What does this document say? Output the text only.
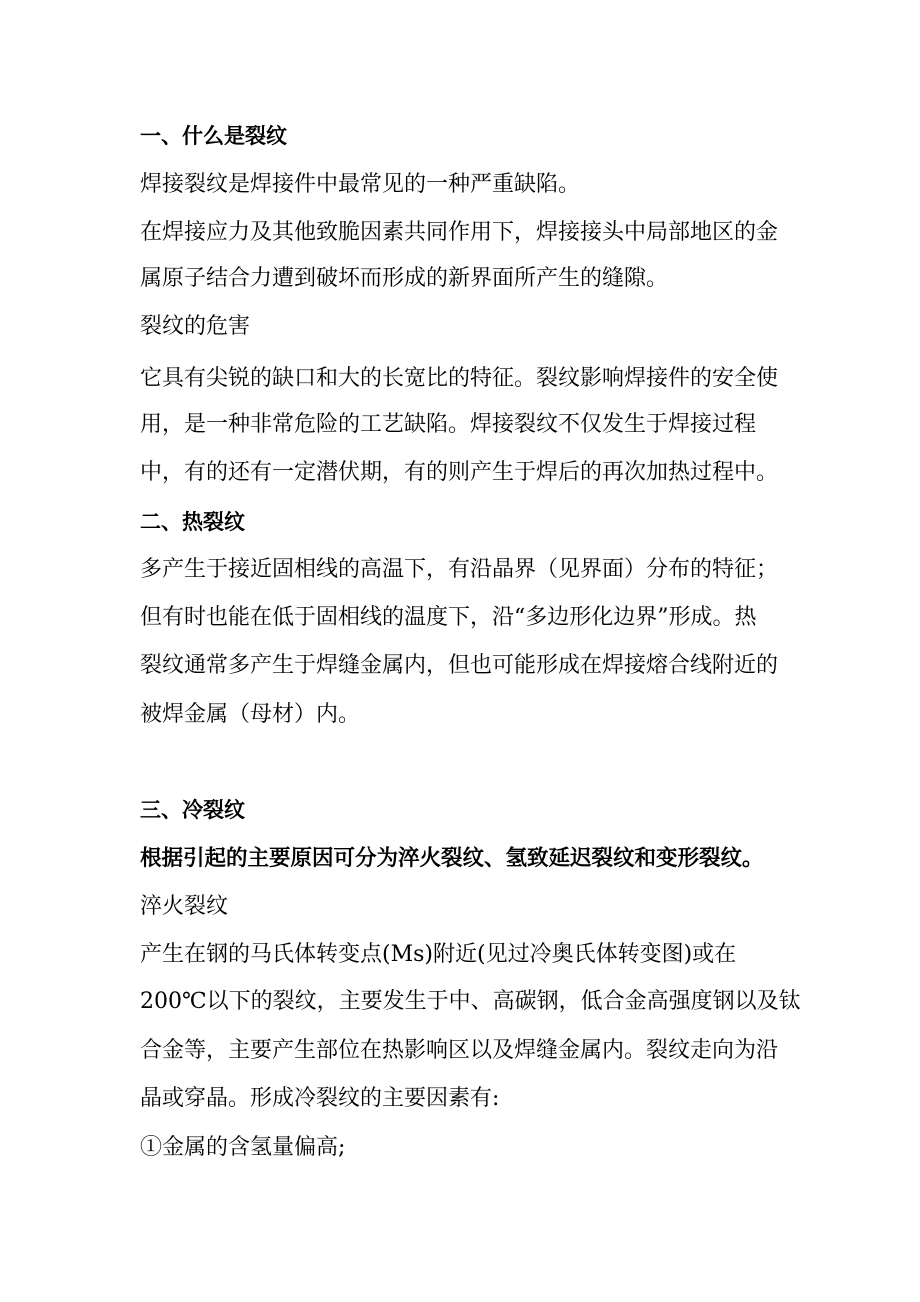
一、什么是裂纹
焊接裂纹是焊接件中最常见的一种严重缺陷。
在焊接应力及其他致脆因素共同作用下，焊接接头中局部地区的金
属原子结合力遭到破坏而形成的新界面所产生的缝隙。
裂纹的危害
它具有尖锐的缺口和大的长宽比的特征。裂纹影响焊接件的安全使
用，是一种非常危险的工艺缺陷。焊接裂纹不仅发生于焊接过程
中，有的还有一定潜伏期，有的则产生于焊后的再次加热过程中。
二、热裂纹
多产生于接近固相线的高温下，有沿晶界（见界面）分布的特征；
但有时也能在低于固相线的温度下，沿“多边形化边界”形成。热
裂纹通常多产生于焊缝金属内，但也可能形成在焊接熔合线附近的
被焊金属（母材）内。
三、冷裂纹
根据引起的主要原因可分为淬火裂纹、氢致延迟裂纹和变形裂纹。
淬火裂纹
产生在钢的马氏体转变点(Ms)附近(见过冷奥氏体转变图)或在
200℃以下的裂纹，主要发生于中、高碳钢，低合金高强度钢以及钛
合金等，主要产生部位在热影响区以及焊缝金属内。裂纹走向为沿
晶或穿晶。形成冷裂纹的主要因素有:
①金属的含氢量偏高;
